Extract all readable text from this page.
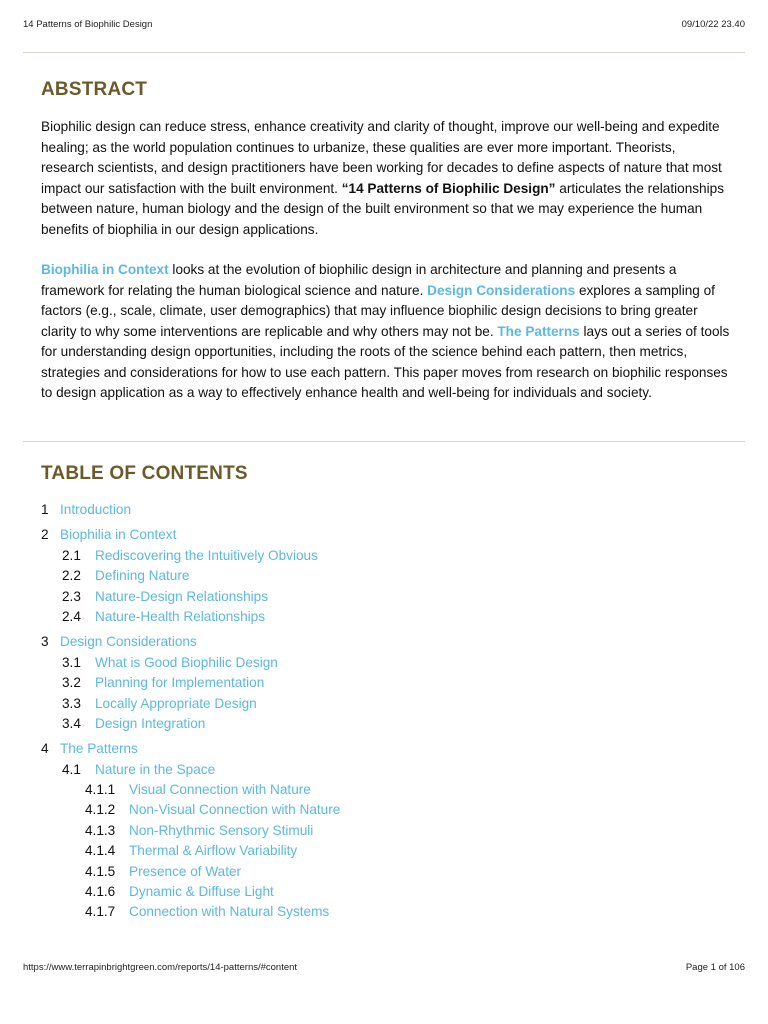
14 Patterns of Biophilic Design	09/10/22 23.40
ABSTRACT

Biophilic design can reduce stress, enhance creativity and clarity of thought, improve our well-being and expedite healing; as the world population continues to urbanize, these qualities are ever more important. Theorists, research scientists, and design practitioners have been working for decades to define aspects of nature that most impact our satisfaction with the built environment. “14 Patterns of Biophilic Design” articulates the relationships between nature, human biology and the design of the built environment so that we may experience the human benefits of biophilia in our design applications.

Biophilia in Context looks at the evolution of biophilic design in architecture and planning and presents a framework for relating the human biological science and nature. Design Considerations explores a sampling of factors (e.g., scale, climate, user demographics) that may influence biophilic design decisions to bring greater clarity to why some interventions are replicable and why others may not be. The Patterns lays out a series of tools for understanding design opportunities, including the roots of the science behind each pattern, then metrics, strategies and considerations for how to use each pattern. This paper moves from research on biophilic responses to design application as a way to effectively enhance health and well-being for individuals and society.

TABLE OF CONTENTS
1 Introduction
2 Biophilia in Context
2.1	Rediscovering the Intuitively Obvious
2.2	Defining Nature
2.3	Nature-Design Relationships
2.4	Nature-Health Relationships
3 Design Considerations
3.1	What is Good Biophilic Design
3.2	Planning for Implementation
3.3	Locally Appropriate Design
3.4	Design Integration
4 The Patterns
4.1	Nature in the Space
4.1.1	Visual Connection with Nature
4.1.2	Non-Visual Connection with Nature
4.1.3	Non-Rhythmic Sensory Stimuli
4.1.4	Thermal & Airflow Variability
4.1.5	Presence of Water
4.1.6	Dynamic & Diffuse Light
4.1.7	Connection with Natural Systems
https://www.terrapinbrightgreen.com/reports/14-patterns/#content	Page 1 of 106
